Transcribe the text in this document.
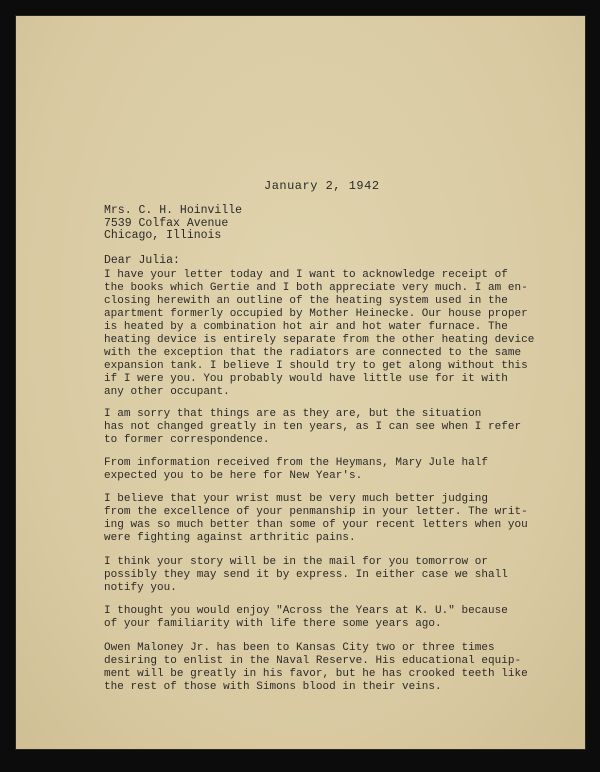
January 2, 1942
Mrs. C. H. Hoinville
7539 Colfax Avenue
Chicago, Illinois
Dear Julia:
I have your letter today and I want to acknowledge receipt of
the books which Gertie and I both appreciate very much. I am en-
closing herewith an outline of the heating system used in the
apartment formerly occupied by Mother Heinecke. Our house proper
is heated by a combination hot air and hot water furnace. The
heating device is entirely separate from the other heating device
with the exception that the radiators are connected to the same
expansion tank. I believe I should try to get along without this
if I were you. You probably would have little use for it with
any other occupant.
I am sorry that things are as they are, but the situation
has not changed greatly in ten years, as I can see when I refer
to former correspondence.
From information received from the Heymans, Mary Jule half
expected you to be here for New Year's.
I believe that your wrist must be very much better judging
from the excellence of your penmanship in your letter. The writ-
ing was so much better than some of your recent letters when you
were fighting against arthritic pains.
I think your story will be in the mail for you tomorrow or
possibly they may send it by express. In either case we shall
notify you.
I thought you would enjoy "Across the Years at K. U." because
of your familiarity with life there some years ago.
Owen Maloney Jr. has been to Kansas City two or three times
desiring to enlist in the Naval Reserve. His educational equip-
ment will be greatly in his favor, but he has crooked teeth like
the rest of those with Simons blood in their veins.
